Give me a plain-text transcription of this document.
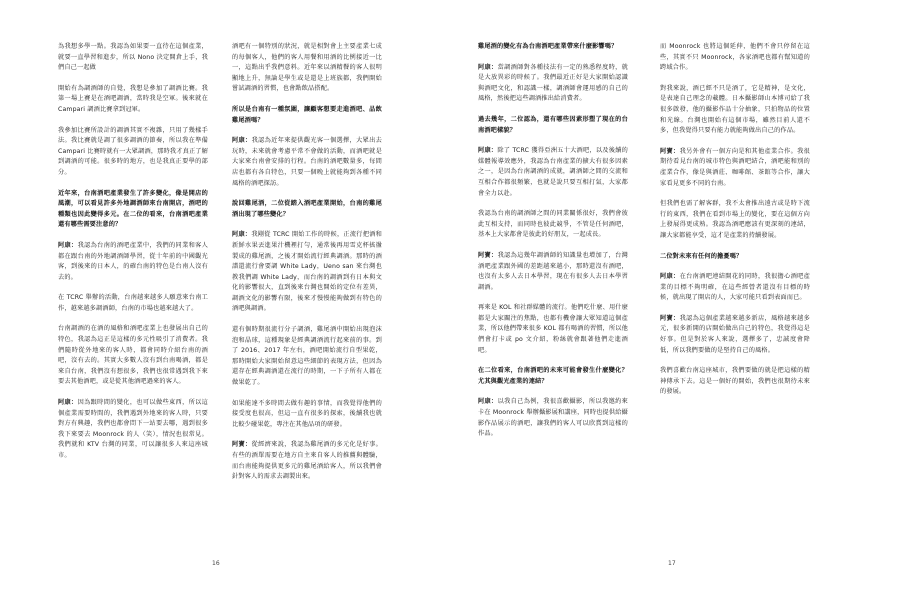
為我想多學一點。我認為如果要一直待在這個產業，就要一直學習和進步，所以 Nono 決定開倉上手，我們自己一起做

開始有為調酒師的自覺，我想是參加了調酒比賽。我第一場上賽是在酒吧調酒，當時我是空軍。後來就在 Campari 調酒比賽拿到冠軍。

我參加比賽所設計的調酒其實不複雜，只用了幾樣手法。我比賽就是調了很多調酒的節奏，所以我在準備 Campari 比賽時就有一大眾調酒，那時我才真正了解到調酒的可能。很多時的地方，也是我真正要學的部分。

近年來，台南酒吧產業發生了許多變化，像是開店的風潮，可以看見許多外地調酒師來台南開店，酒吧的種類也因此變得多元。在二位的看來，台南酒吧產業還有哪些需要注意的？

阿康：我認為台南的酒吧產業中，我們的同業和客人都在跟台南的外地調酒師學習，從十年前的中國觀光客，到後來的日本人，的確台南的特色是台南人沒有去的。

在 TCRC 舉辦的活動，台南越來越多人願意來台南工作，越來越多調酒師，台南的市場也越來越大了。

台南調酒的在酒的風格和酒吧產業上也發展出自己的特色，我認為這正是這樣的多元性吸引了消費者。我們隨時從外地來的客人時，都會同時介紹台南的酒吧，沒有去的。其實大多數人沒有到台南喝酒，都是來自台南，我們沒有想很多，我們也很常遇到我下來要去其他酒吧，或是從其他酒吧過來的客人。

阿康：因為跟時間的變化，也可以做些東西，所以這個產業需要時間的，我們遇到外地來的客人時，只要對方有興趣，我們也都會問下一站要去哪，遇到很多我下來要去 Moonrock 的人（笑），情況也很常見。我們就和 KTV 台灣的同業，可以讓很多人來這座城市。

酒吧有一個特別的狀況，就是相對會上主要產業七成的每個客人，他們的客人用餐和用酒的比例接近一比一，這點出乎我們意料。近年來以酒精餐的客人很明顯地上升，無論是學生或是還是上班族都，我們開始嘗試調酒的習慣，也會點飲品搭配。

所以是台南有一種氛圍，讓顧客想要走進酒吧、品飲雞尾酒嗎？

阿康：我認為近年來提供觀光客一個選擇，大眾出去玩時，未來就會考慮平常不會做的活動，而酒吧就是大家來台南會安排的行程。台南的酒吧數量多，每間店也都有各自特色，只要一個晚上就能夠到各種不同風格的酒吧探訪。

說回雞尾酒，二位從踏入酒吧產業開始，台南的雞尾酒出現了哪些變化？

阿康：我剛從 TCRC 開始工作的時候，正流行把酒和新鮮水果丟進果汁機裡打勻，通常後再用雪克杯搖盪製成的雞尾酒，之後才開始流行經典調酒。那時的酒譜還流行會要調 White Lady，Ueno san 來台灣也教我們調 White Lady，而台南的調酒到有日本與文化的影響很大，直到後來台灣也開始的定位有差異，調酒文化的影響有限，後來才慢慢能夠做到有特色的酒吧與調酒。

還有個時期很流行分子調酒，雞尾酒中開始出現泡沫泡和晶球，這種現象是經典調酒流行起來前的事。到了 2016、2017 年左右，酒吧開始流行自型果乾，那時開始大家開始留意這些細節的表現方法，但因為還存在經典調酒還在流行的時期，一下子所有人都在做果乾了。

如果能達不多時間去做有趣的事情，而我覺得他們的接受度也很高，但這一直有很多的探索，後續我也就比較少碰果乾，專注在其他品項的研發。

阿寶：從經濟來說，我認為雞尾酒的多元化是好事。有些的酒單需要在地方自主來自客人的推薦與體驗，而台南能夠提供更多元的雞尾酒給客人，所以我們會針對客人的需求去調製出來。

16

雞尾酒的變化有為台南酒吧產業帶來什麼影響嗎？

阿康：當調酒師對各種技法有一定的熟悉程度時，就是大放異彩的時候了。我們最近正好是大家開始認識與酒吧文化，和認識一樣，調酒師會運用感的自己的風格，然後把這些調酒推出給消費者。

過去幾年，二位認為，還有哪些因素形塑了現在的台南酒吧樣貌？

阿康：除了 TCRC 獲得亞洲五十大酒吧，以及後續的媒體報導效應外，我認為台南產業的擴大有很多因素之一，是因為台南調酒的成就，調酒師之間的交流和互相合作都很頻繁，也就是說只要互相打氣，大家都會全力以赴。

我認為台南的調酒師之間的同業關係很好，我們會彼此互相支持，而同時也彼此競爭，不管是任何酒吧，基本上大家都會是彼此的好朋友，一起成長。

阿寶：我認為這幾年調酒師的知識量也增加了，台灣酒吧產業跟外國的差距越來越小，那時還沒有酒吧，也沒有太多人去日本學習，現在有很多人去日本學習調酒。

再來是 KOL 和社群媒體的流行。他們吃什麼、用什麼都是大家關注的焦點，也都有機會讓大眾知道這個產業，所以他們帶來很多 KOL 都有喝酒的習慣，所以他們會打卡或 po 文介紹，粉絲就會跟著他們走進酒吧。

在二位看來，台南酒吧的未來可能會發生什麼變化？尤其與觀光產業的連結？

阿康：以我自己為例，我很喜歡攝影，所以我邀約來卡在 Moonrock 舉辦攝影展和講座，同時也提供給攝影作品展示的酒吧，讓我們的客人可以欣賞到這樣的作品。

而 Moonrock 也將這個延伸，他們不會只停留在這些，其實不只 Moonrock，各家酒吧也都有幫知道的跨域合作。

對我來說，酒已經不只是酒了，它是精神，是文化，是表達自己理念的載體。日本攝影師山本博司給了我很多啟發，他的攝影作品十分抽象，只拍物品的位置和光線。台灣也開始有這個市場，雖然目前人還不多，但我覺得只要有能力就能夠做出自己的作品。

阿寶：我另外會有一個方向是和其他產業合作。我很期待看見台南的城市特色與酒吧結合，酒吧能和別的產業合作，像是與酒莊、咖啡館、茶館等合作，讓大家看見更多不同的台南。

但我們也需了解客群，我不太會推出遠古或是時下流行的東西，我們在看到市場上的變化，要在這個方向上發展得更成熟。我認為酒吧應該有更深刻的連結，讓大家都能享受，這才是產業的持續發展。

二位對未來有任何的擔憂嗎？

阿康：在台南酒吧連結開花的同時，我很擔心酒吧產業的目標不夠明確，在這些經營者還沒有目標的時候，就出現了開店的人，大家可能只看到表面而已。

阿寶：我認為這個產業越來越多新店，風格越來越多元，很多新開的店開始做出自己的特色，我覺得這是好事。但是對於客人來說，選擇多了，忠誠度會降低，所以我們要做的是堅持自己的風格。

我們喜歡台南這座城市，我們要做的就是把這樣的精神傳承下去。這是一個好的開始，我們也很期待未來的發展。

17
